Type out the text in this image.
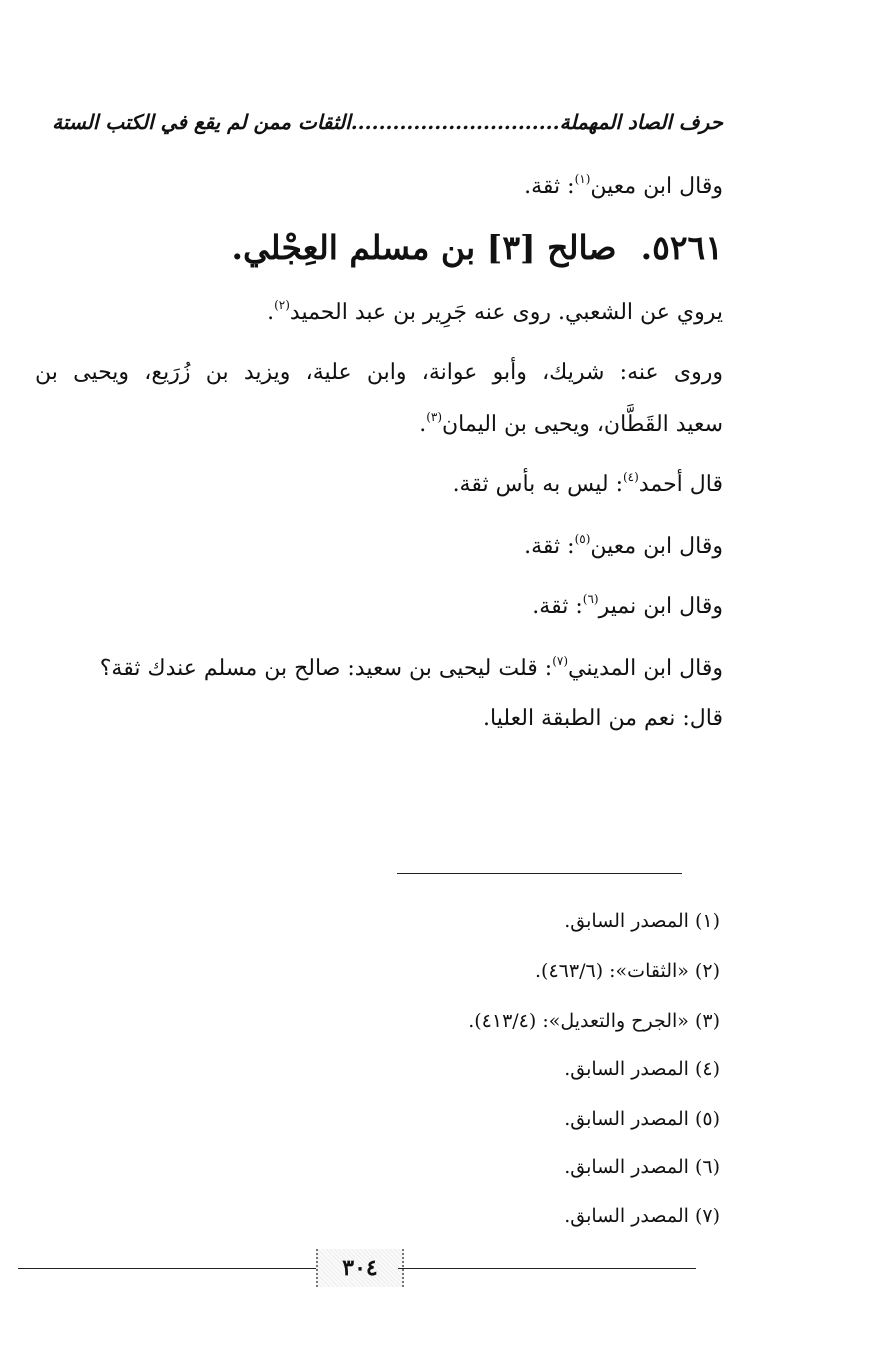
حرف الصاد المهملة..............................الثقات ممن لم يقع في الكتب الستة
وقال ابن معين$^{(١)}$: ثقة.
٥٢٦١.صالح [٣] بن مسلم العِجْلي.
يروي عن الشعبي. روى عنه جَرِير بن عبد الحميد$^{(٢)}$.
وروى عنه: شريك، وأبو عوانة، وابن علية، ويزيد بن زُرَيع، ويحيى بن
سعيد القَطَّان، ويحيى بن اليمان$^{(٣)}$.
قال أحمد$^{(٤)}$: ليس به بأس ثقة.
وقال ابن معين$^{(٥)}$: ثقة.
وقال ابن نمير$^{(٦)}$: ثقة.
وقال ابن المديني$^{(٧)}$: قلت ليحيى بن سعيد: صالح بن مسلم عندك ثقة؟
قال: نعم من الطبقة العليا.
(١) المصدر السابق.
(٢) «الثقات»: (٤٦٣/٦).
(٣) «الجرح والتعديل»: (٤١٣/٤).
(٤) المصدر السابق.
(٥) المصدر السابق.
(٦) المصدر السابق.
(٧) المصدر السابق.
٣٠٤
